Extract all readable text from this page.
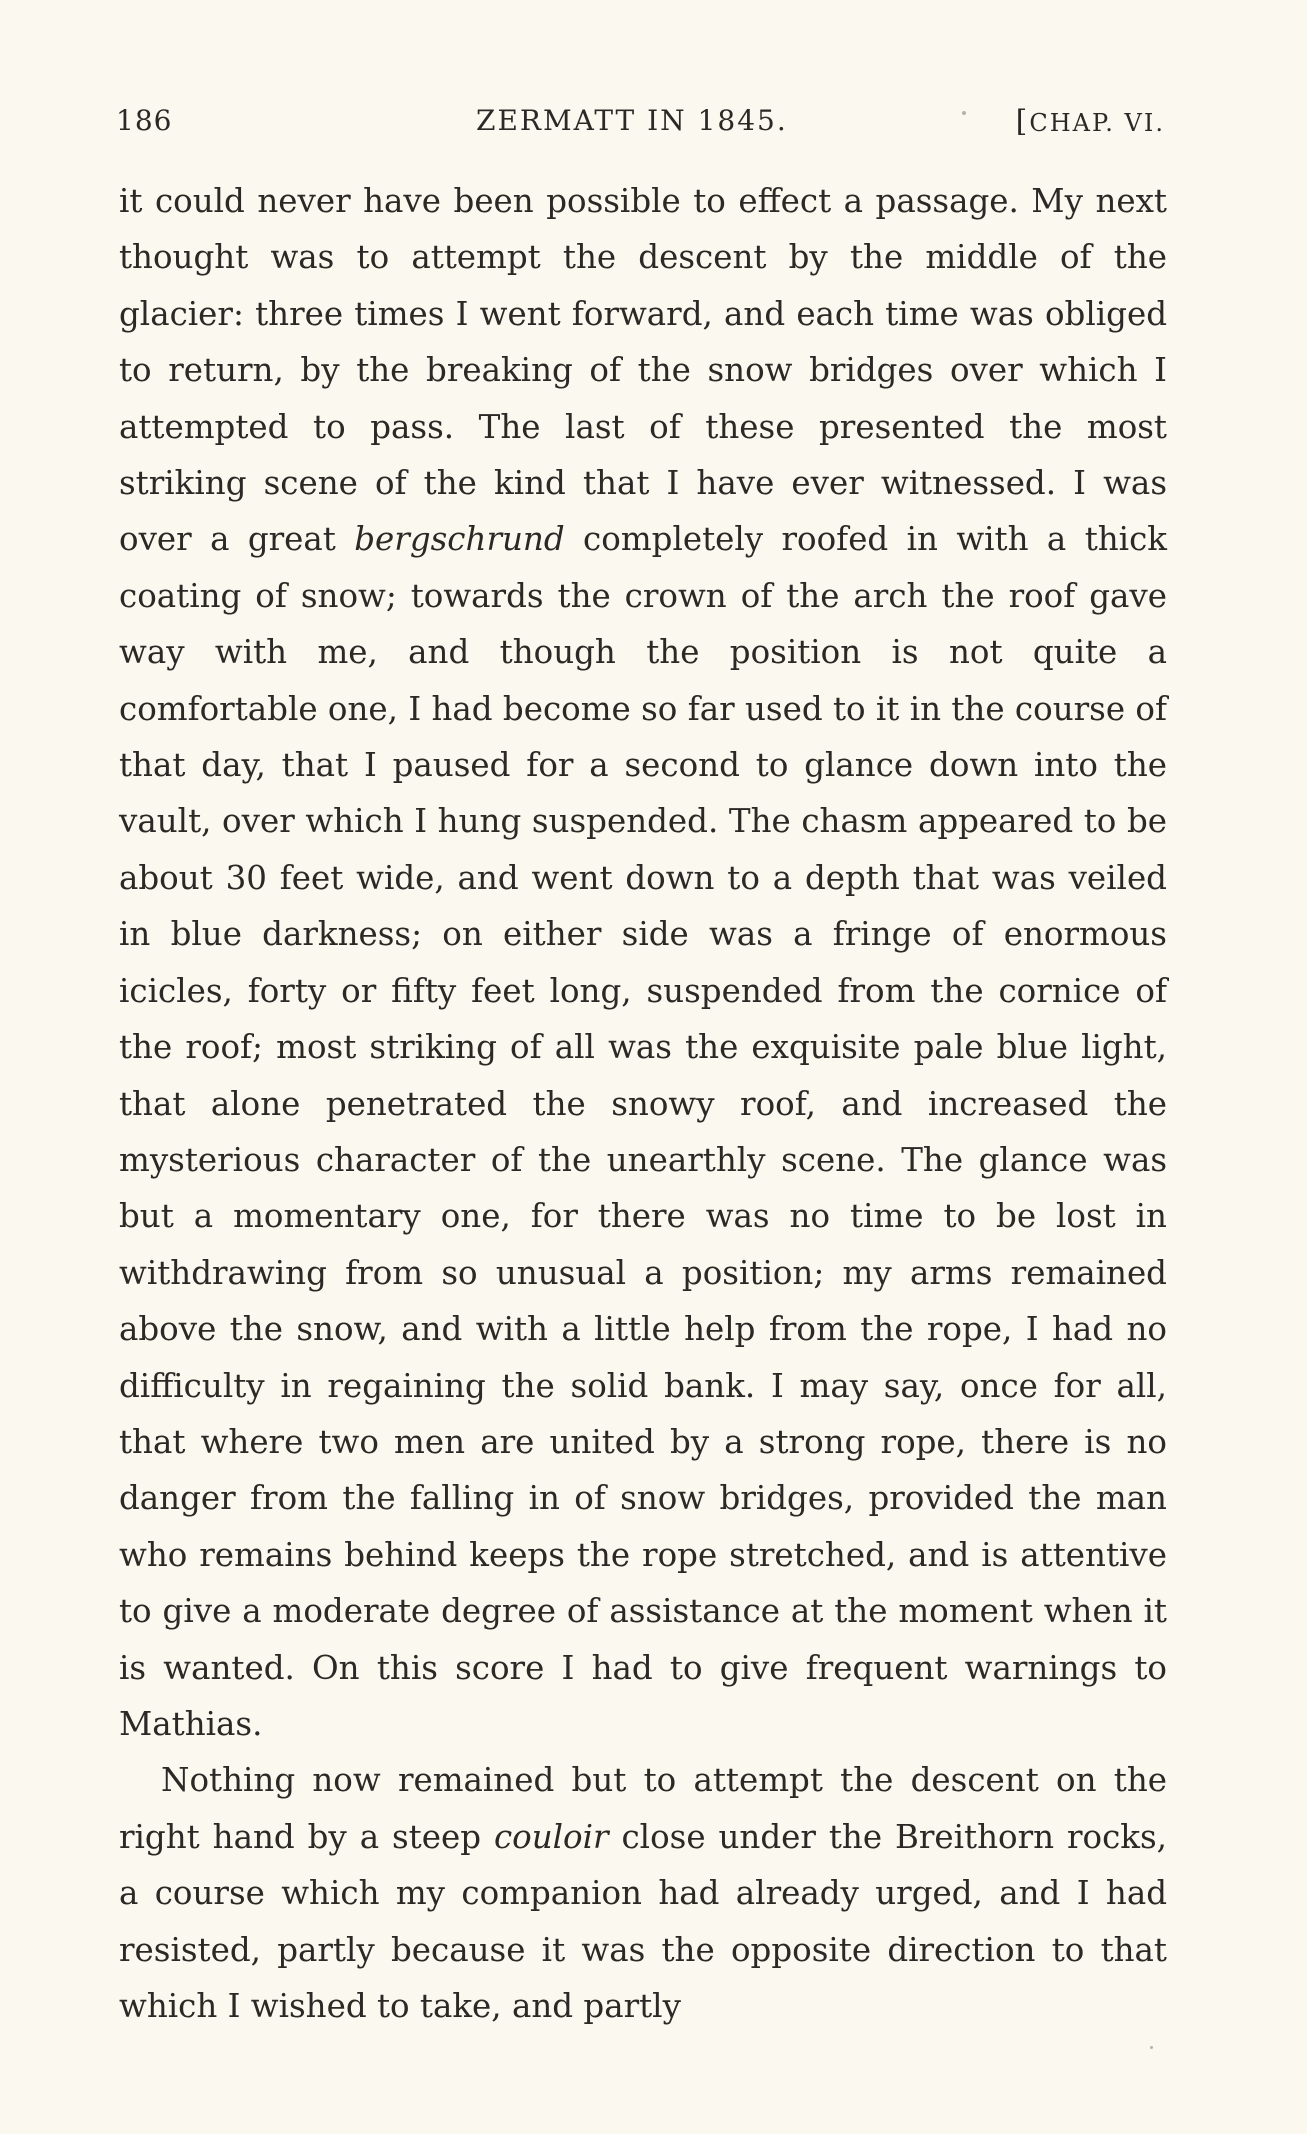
186	ZERMATT IN 1845.	[CHAP. VI.

it could never have been possible to effect a passage. My next thought was to attempt the descent by the middle of the glacier: three times I went forward, and each time was obliged to return, by the breaking of the snow bridges over which I attempted to pass. The last of these presented the most striking scene of the kind that I have ever witnessed. I was over a great bergschrund completely roofed in with a thick coating of snow; towards the crown of the arch the roof gave way with me, and though the position is not quite a comfortable one, I had become so far used to it in the course of that day, that I paused for a second to glance down into the vault, over which I hung suspended. The chasm appeared to be about 30 feet wide, and went down to a depth that was veiled in blue darkness; on either side was a fringe of enormous icicles, forty or fifty feet long, suspended from the cornice of the roof; most striking of all was the exquisite pale blue light, that alone penetrated the snowy roof, and increased the mysterious character of the unearthly scene. The glance was but a momentary one, for there was no time to be lost in withdrawing from so unusual a position; my arms remained above the snow, and with a little help from the rope, I had no difficulty in regaining the solid bank. I may say, once for all, that where two men are united by a strong rope, there is no danger from the falling in of snow bridges, provided the man who remains behind keeps the rope stretched, and is attentive to give a moderate degree of assistance at the moment when it is wanted. On this score I had to give frequent warnings to Mathias.

Nothing now remained but to attempt the descent on the right hand by a steep couloir close under the Breithorn rocks, a course which my companion had already urged, and I had resisted, partly because it was the opposite direction to that which I wished to take, and partly
